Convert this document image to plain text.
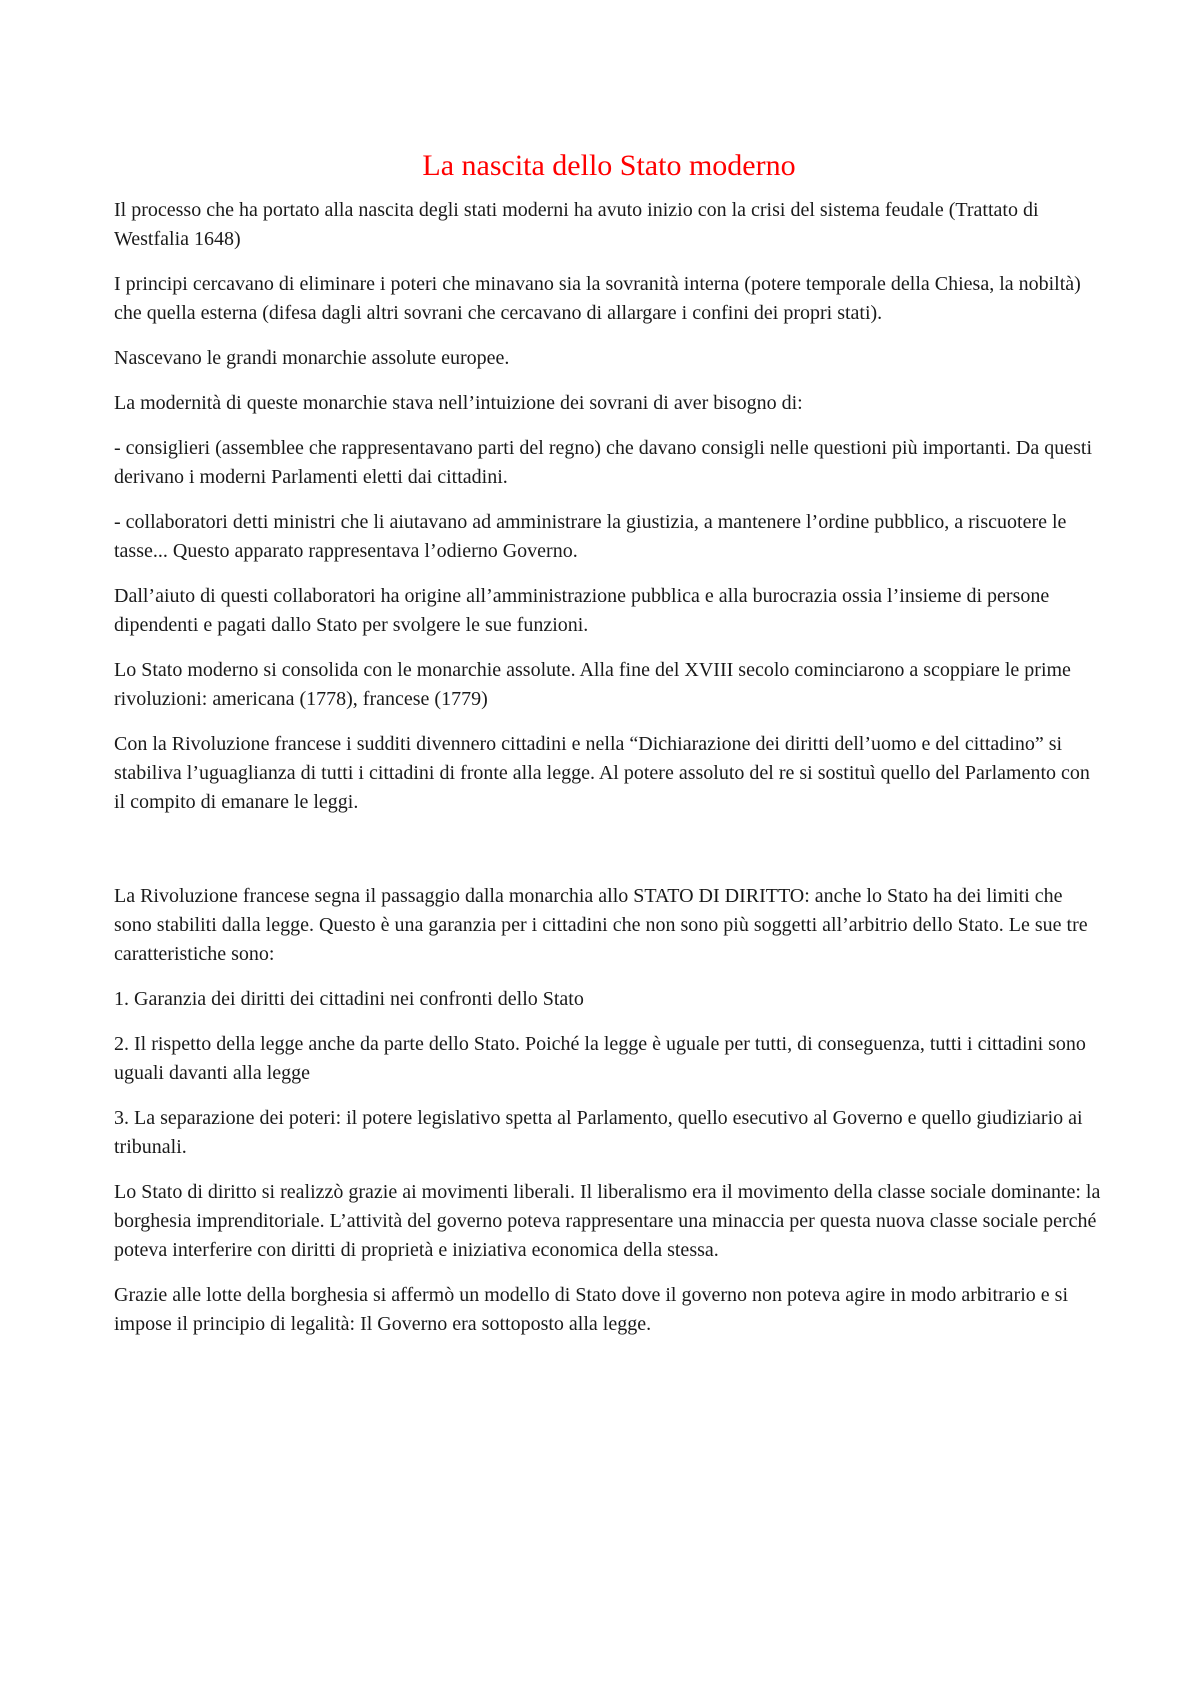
La nascita dello Stato moderno

Il processo che ha portato alla nascita degli stati moderni ha avuto inizio con la crisi del sistema feudale (Trattato di Westfalia 1648)

I principi cercavano di eliminare i poteri che minavano sia la sovranità interna (potere temporale della Chiesa, la nobiltà) che quella esterna (difesa dagli altri sovrani che cercavano di allargare i confini dei propri stati).

Nascevano le grandi monarchie assolute europee.

La modernità di queste monarchie stava nell’intuizione dei sovrani di aver bisogno di:

- consiglieri (assemblee che rappresentavano parti del regno) che davano consigli nelle questioni più importanti. Da questi derivano i moderni Parlamenti eletti dai cittadini.

- collaboratori detti ministri che li aiutavano ad amministrare la giustizia, a mantenere l’ordine pubblico, a riscuotere le tasse... Questo apparato rappresentava l’odierno Governo.

Dall’aiuto di questi collaboratori ha origine all’amministrazione pubblica e alla burocrazia ossia l’insieme di persone dipendenti e pagati dallo Stato per svolgere le sue funzioni.

Lo Stato moderno si consolida con le monarchie assolute. Alla fine del XVIII secolo cominciarono a scoppiare le prime rivoluzioni: americana (1778), francese (1779)

Con la Rivoluzione francese i sudditi divennero cittadini e nella “Dichiarazione dei diritti dell’uomo e del cittadino” si stabiliva l’uguaglianza di tutti i cittadini di fronte alla legge. Al potere assoluto del re si sostituì quello del Parlamento con il compito di emanare le leggi.

La Rivoluzione francese segna il passaggio dalla monarchia allo STATO DI DIRITTO: anche lo Stato ha dei limiti che sono stabiliti dalla legge. Questo è una garanzia per i cittadini che non sono più soggetti all’arbitrio dello Stato. Le sue tre caratteristiche sono:

1. Garanzia dei diritti dei cittadini nei confronti dello Stato

2. Il rispetto della legge anche da parte dello Stato. Poiché la legge è uguale per tutti, di conseguenza, tutti i cittadini sono uguali davanti alla legge

3. La separazione dei poteri: il potere legislativo spetta al Parlamento, quello esecutivo al Governo e quello giudiziario ai tribunali.

Lo Stato di diritto si realizzò grazie ai movimenti liberali. Il liberalismo era il movimento della classe sociale dominante: la borghesia imprenditoriale. L’attività del governo poteva rappresentare una minaccia per questa nuova classe sociale perché poteva interferire con diritti di proprietà e iniziativa economica della stessa.

Grazie alle lotte della borghesia si affermò un modello di Stato dove il governo non poteva agire in modo arbitrario e si impose il principio di legalità: Il Governo era sottoposto alla legge.
